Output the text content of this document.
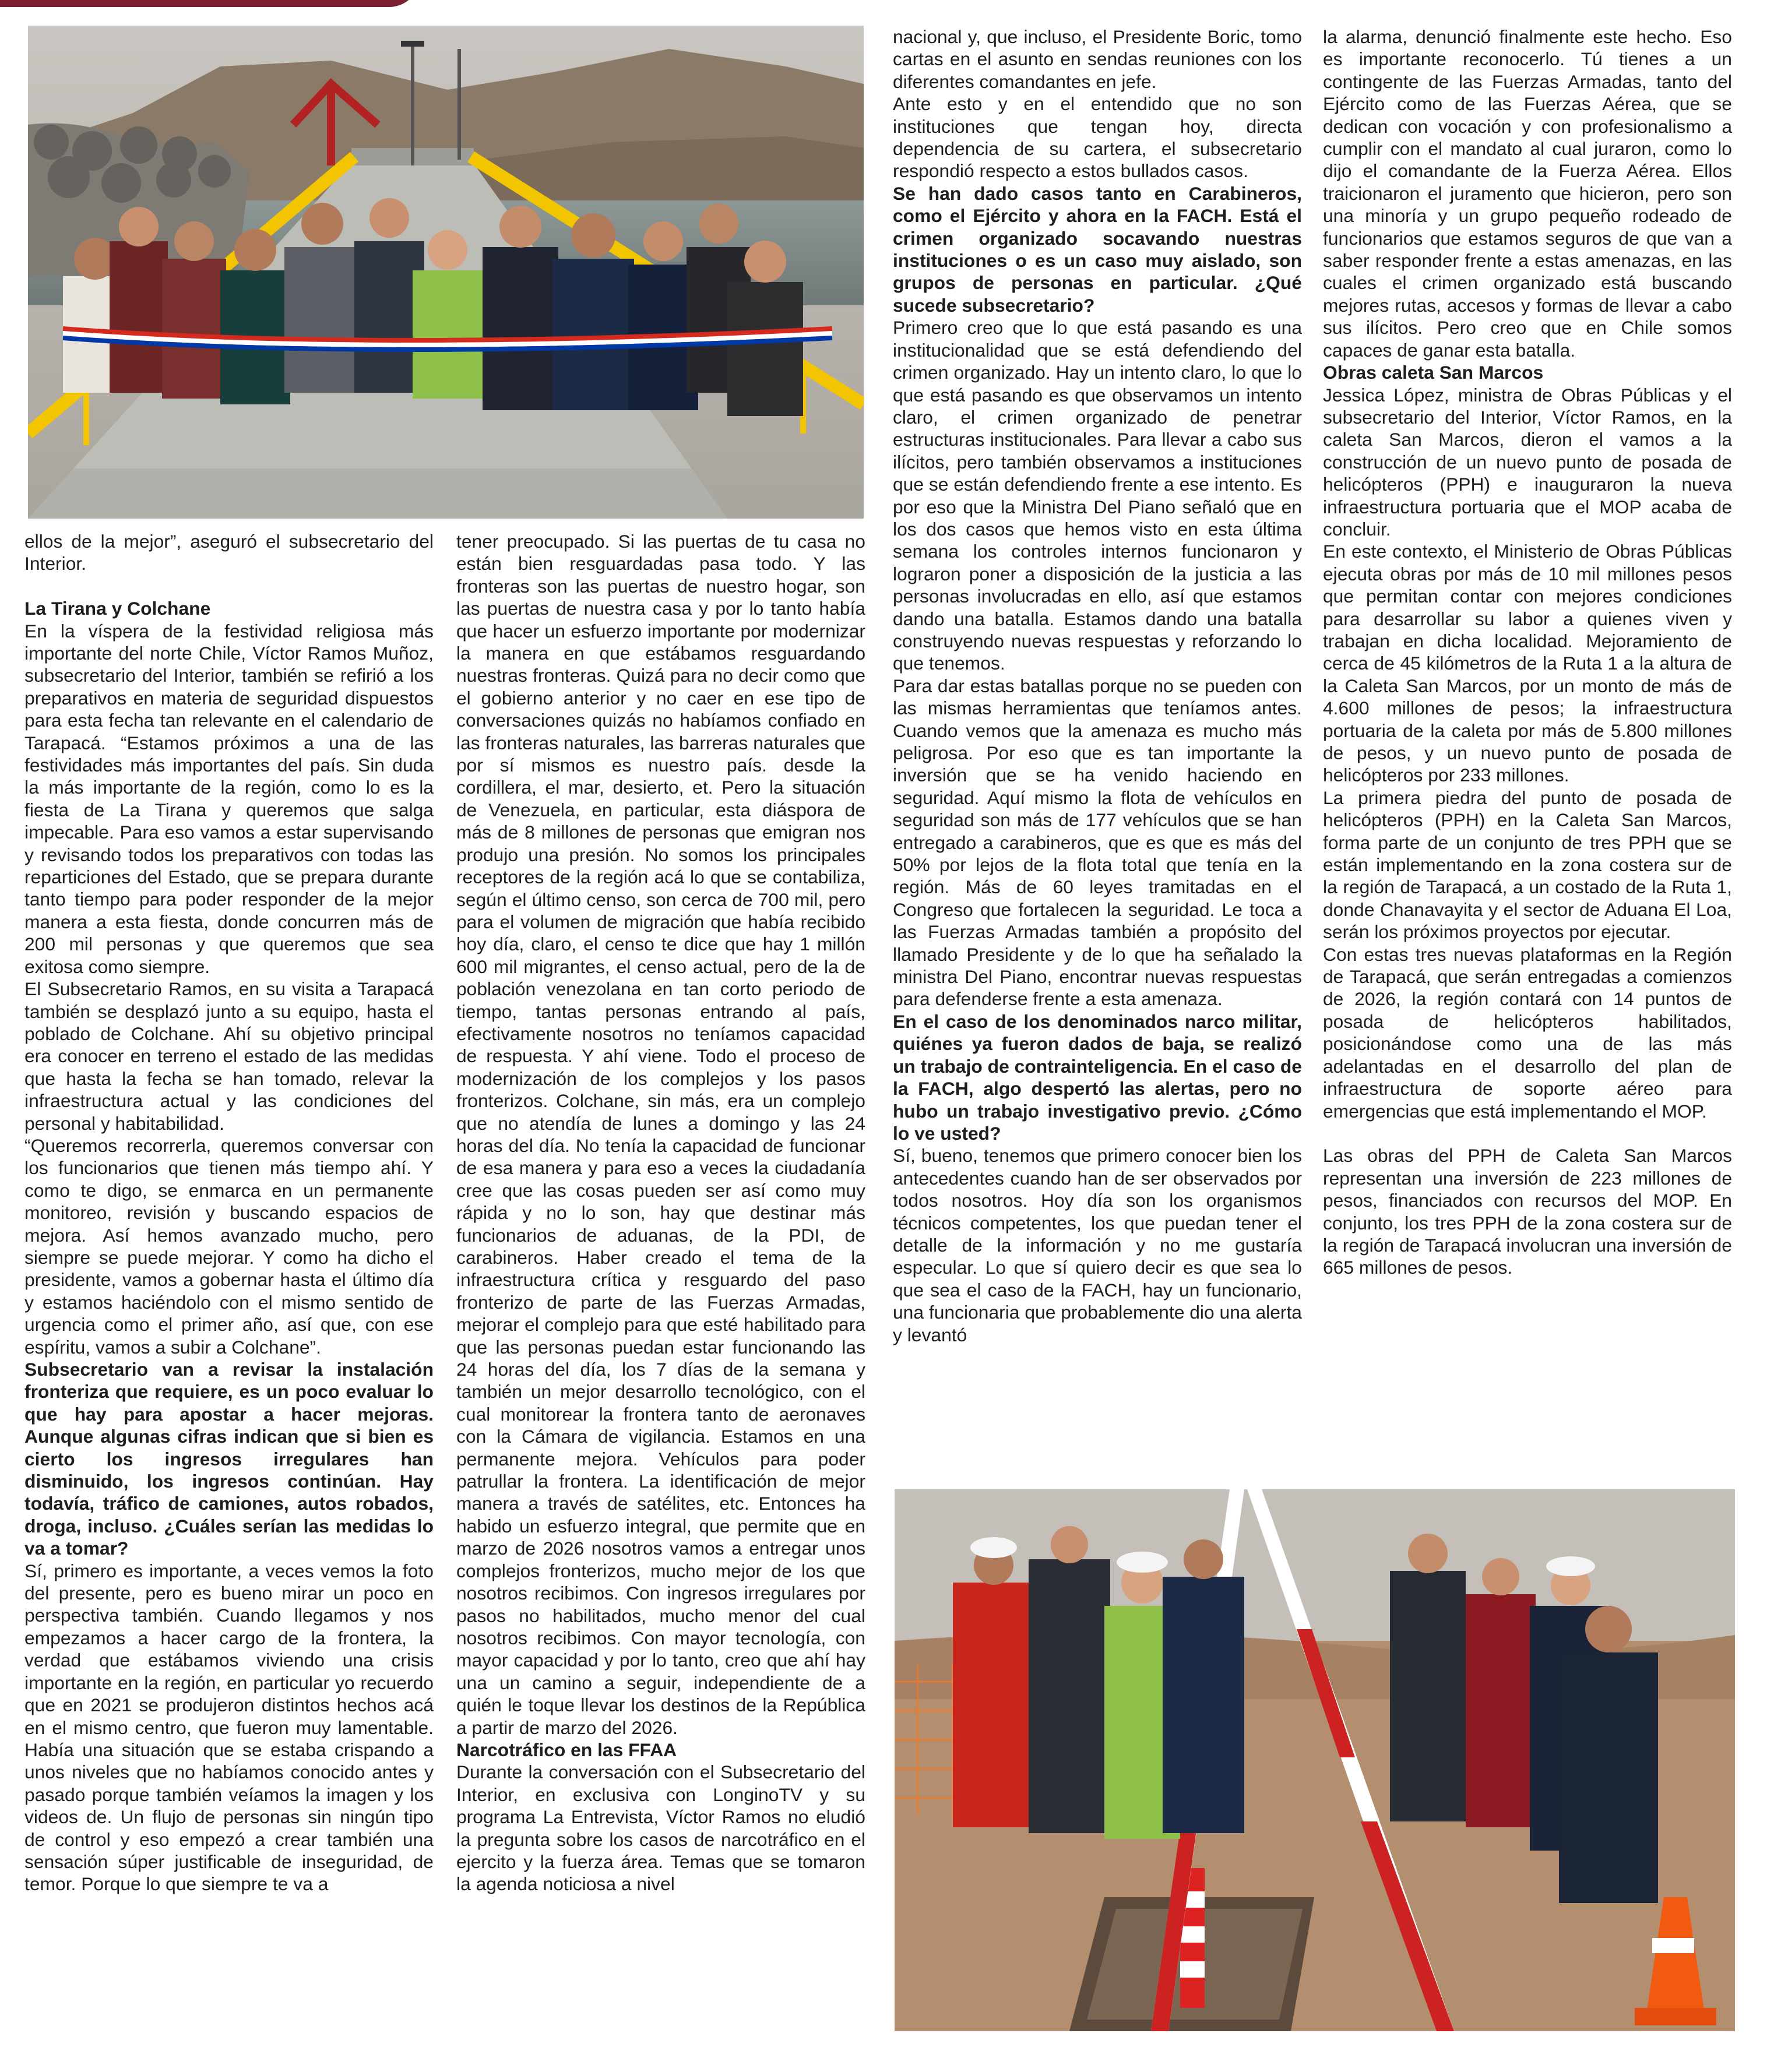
ellos de la mejor”, aseguró el subsecretario del Interior.

La Tirana y Colchane

En la víspera de la festividad religiosa más importante del norte Chile, Víctor Ramos Muñoz, subsecretario del Interior, también se refirió a los preparativos en materia de seguridad dispuestos para esta fecha tan relevante en el calendario de Tarapacá. “Estamos próximos a una de las festividades más importantes del país. Sin duda la más importante de la región, como lo es la fiesta de La Tirana y queremos que salga impecable. Para eso vamos a estar supervisando y revisando todos los preparativos con todas las reparticiones del Estado, que se prepara durante tanto tiempo para poder responder de la mejor manera a esta fiesta, donde concurren más de 200 mil personas y que queremos que sea exitosa como siempre.

El Subsecretario Ramos, en su visita a Tarapacá también se desplazó junto a su equipo, hasta el poblado de Colchane. Ahí su objetivo principal era conocer en terreno el estado de las medidas que hasta la fecha se han tomado, relevar la infraestructura actual y las condiciones del personal y habitabilidad.

“Queremos recorrerla, queremos conversar con los funcionarios que tienen más tiempo ahí. Y como te digo, se enmarca en un permanente monitoreo, revisión y buscando espacios de mejora. Así hemos avanzado mucho, pero siempre se puede mejorar. Y como ha dicho el presidente, vamos a gobernar hasta el último día y estamos haciéndolo con el mismo sentido de urgencia como el primer año, así que, con ese espíritu, vamos a subir a Colchane”.

Subsecretario van a revisar la instalación fronteriza que requiere, es un poco evaluar lo que hay para apostar a hacer mejoras. Aunque algunas cifras indican que si bien es cierto los ingresos irregulares han disminuido, los ingresos continúan. Hay todavía, tráfico de camiones, autos robados, droga, incluso. ¿Cuáles serían las medidas lo va a tomar?

Sí, primero es importante, a veces vemos la foto del presente, pero es bueno mirar un poco en perspectiva también. Cuando llegamos y nos empezamos a hacer cargo de la frontera, la verdad que estábamos viviendo una crisis importante en la región, en particular yo recuerdo que en 2021 se produjeron distintos hechos acá en el mismo centro, que fueron muy lamentable. Había una situación que se estaba crispando a unos niveles que no habíamos conocido antes y pasado porque también veíamos la imagen y los videos de. Un flujo de personas sin ningún tipo de control y eso empezó a crear también una sensación súper justificable de inseguridad, de temor. Porque lo que siempre te va a

tener preocupado. Si las puertas de tu casa no están bien resguardadas pasa todo. Y las fronteras son las puertas de nuestro hogar, son las puertas de nuestra casa y por lo tanto había que hacer un esfuerzo importante por modernizar la manera en que estábamos resguardando nuestras fronteras. Quizá para no decir como que el gobierno anterior y no caer en ese tipo de conversaciones quizás no habíamos confiado en las fronteras naturales, las barreras naturales que por sí mismos es nuestro país. desde la cordillera, el mar, desierto, et. Pero la situación de Venezuela, en particular, esta diáspora de más de 8 millones de personas que emigran nos produjo una presión. No somos los principales receptores de la región acá lo que se contabiliza, según el último censo, son cerca de 700 mil, pero para el volumen de migración que había recibido hoy día, claro, el censo te dice que hay 1 millón 600 mil migrantes, el censo actual, pero de la de población venezolana en tan corto periodo de tiempo, tantas personas entrando al país, efectivamente nosotros no teníamos capacidad de respuesta. Y ahí viene. Todo el proceso de modernización de los complejos y los pasos fronterizos. Colchane, sin más, era un complejo que no atendía de lunes a domingo y las 24 horas del día. No tenía la capacidad de funcionar de esa manera y para eso a veces la ciudadanía cree que las cosas pueden ser así como muy rápida y no lo son, hay que destinar más funcionarios de aduanas, de la PDI, de carabineros. Haber creado el tema de la infraestructura crítica y resguardo del paso fronterizo de parte de las Fuerzas Armadas, mejorar el complejo para que esté habilitado para que las personas puedan estar funcionando las 24 horas del día, los 7 días de la semana y también un mejor desarrollo tecnológico, con el cual monitorear la frontera tanto de aeronaves con la Cámara de vigilancia. Estamos en una permanente mejora. Vehículos para poder patrullar la frontera. La identificación de mejor manera a través de satélites, etc. Entonces ha habido un esfuerzo integral, que permite que en marzo de 2026 nosotros vamos a entregar unos complejos fronterizos, mucho mejor de los que nosotros recibimos. Con ingresos irregulares por pasos no habilitados, mucho menor del cual nosotros recibimos. Con mayor tecnología, con mayor capacidad y por lo tanto, creo que ahí hay una un camino a seguir, independiente de a quién le toque llevar los destinos de la República a partir de marzo del 2026.

Narcotráfico en las FFAA

Durante la conversación con el Subsecretario del Interior, en exclusiva con LonginoTV y su programa La Entrevista, Víctor Ramos no eludió la pregunta sobre los casos de narcotráfico en el ejercito y la fuerza área. Temas que se tomaron la agenda noticiosa a nivel

nacional y, que incluso, el Presidente Boric, tomo cartas en el asunto en sendas reuniones con los diferentes comandantes en jefe.

Ante esto y en el entendido que no son instituciones que tengan hoy, directa dependencia de su cartera, el subsecretario respondió respecto a estos bullados casos.

Se han dado casos tanto en Carabineros, como el Ejército y ahora en la FACH. Está el crimen organizado socavando nuestras instituciones o es un caso muy aislado, son grupos de personas en particular. ¿Qué sucede subsecretario?

Primero creo que lo que está pasando es una institucionalidad que se está defendiendo del crimen organizado. Hay un intento claro, lo que lo que está pasando es que observamos un intento claro, el crimen organizado de penetrar estructuras institucionales. Para llevar a cabo sus ilícitos, pero también observamos a instituciones que se están defendiendo frente a ese intento. Es por eso que la Ministra Del Piano señaló que en los dos casos que hemos visto en esta última semana los controles internos funcionaron y lograron poner a disposición de la justicia a las personas involucradas en ello, así que estamos dando una batalla. Estamos dando una batalla construyendo nuevas respuestas y reforzando lo que tenemos.

Para dar estas batallas porque no se pueden con las mismas herramientas que teníamos antes. Cuando vemos que la amenaza es mucho más peligrosa. Por eso que es tan importante la inversión que se ha venido haciendo en seguridad. Aquí mismo la flota de vehículos en seguridad son más de 177 vehículos que se han entregado a carabineros, que es que es más del 50% por lejos de la flota total que tenía en la región. Más de 60 leyes tramitadas en el Congreso que fortalecen la seguridad. Le toca a las Fuerzas Armadas también a propósito del llamado Presidente y de lo que ha señalado la ministra Del Piano, encontrar nuevas respuestas para defenderse frente a esta amenaza.

En el caso de los denominados narco militar, quiénes ya fueron dados de baja, se realizó un trabajo de contrainteligencia. En el caso de la FACH, algo despertó las alertas, pero no hubo un trabajo investigativo previo. ¿Cómo lo ve usted?

Sí, bueno, tenemos que primero conocer bien los antecedentes cuando han de ser observados por todos nosotros. Hoy día son los organismos técnicos competentes, los que puedan tener el detalle de la información y no me gustaría especular. Lo que sí quiero decir es que sea lo que sea el caso de la FACH, hay un funcionario, una funcionaria que probablemente dio una alerta y levantó

la alarma, denunció finalmente este hecho. Eso es importante reconocerlo. Tú tienes a un contingente de las Fuerzas Armadas, tanto del Ejército como de las Fuerzas Aérea, que se dedican con vocación y con profesionalismo a cumplir con el mandato al cual juraron, como lo dijo el comandante de la Fuerza Aérea. Ellos traicionaron el juramento que hicieron, pero son una minoría y un grupo pequeño rodeado de funcionarios que estamos seguros de que van a saber responder frente a estas amenazas, en las cuales el crimen organizado está buscando mejores rutas, accesos y formas de llevar a cabo sus ilícitos. Pero creo que en Chile somos capaces de ganar esta batalla.

Obras caleta San Marcos

Jessica López, ministra de Obras Públicas y el subsecretario del Interior, Víctor Ramos, en la caleta San Marcos, dieron el vamos a la construcción de un nuevo punto de posada de helicópteros (PPH) e inauguraron la nueva infraestructura portuaria que el MOP acaba de concluir.

En este contexto, el Ministerio de Obras Públicas ejecuta obras por más de 10 mil millones pesos que permitan contar con mejores condiciones para desarrollar su labor a quienes viven y trabajan en dicha localidad. Mejoramiento de cerca de 45 kilómetros de la Ruta 1 a la altura de la Caleta San Marcos, por un monto de más de 4.600 millones de pesos; la infraestructura portuaria de la caleta por más de 5.800 millones de pesos, y un nuevo punto de posada de helicópteros por 233 millones.

La primera piedra del punto de posada de helicópteros (PPH) en la Caleta San Marcos, forma parte de un conjunto de tres PPH que se están implementando en la zona costera sur de la región de Tarapacá, a un costado de la Ruta 1, donde Chanavayita y el sector de Aduana El Loa, serán los próximos proyectos por ejecutar.

Con estas tres nuevas plataformas en la Región de Tarapacá, que serán entregadas a comienzos de 2026, la región contará con 14 puntos de posada de helicópteros habilitados, posicionándose como una de las más adelantadas en el desarrollo del plan de infraestructura de soporte aéreo para emergencias que está implementando el MOP.

Las obras del PPH de Caleta San Marcos representan una inversión de 223 millones de pesos, financiados con recursos del MOP. En conjunto, los tres PPH de la zona costera sur de la región de Tarapacá involucran una inversión de 665 millones de pesos.
